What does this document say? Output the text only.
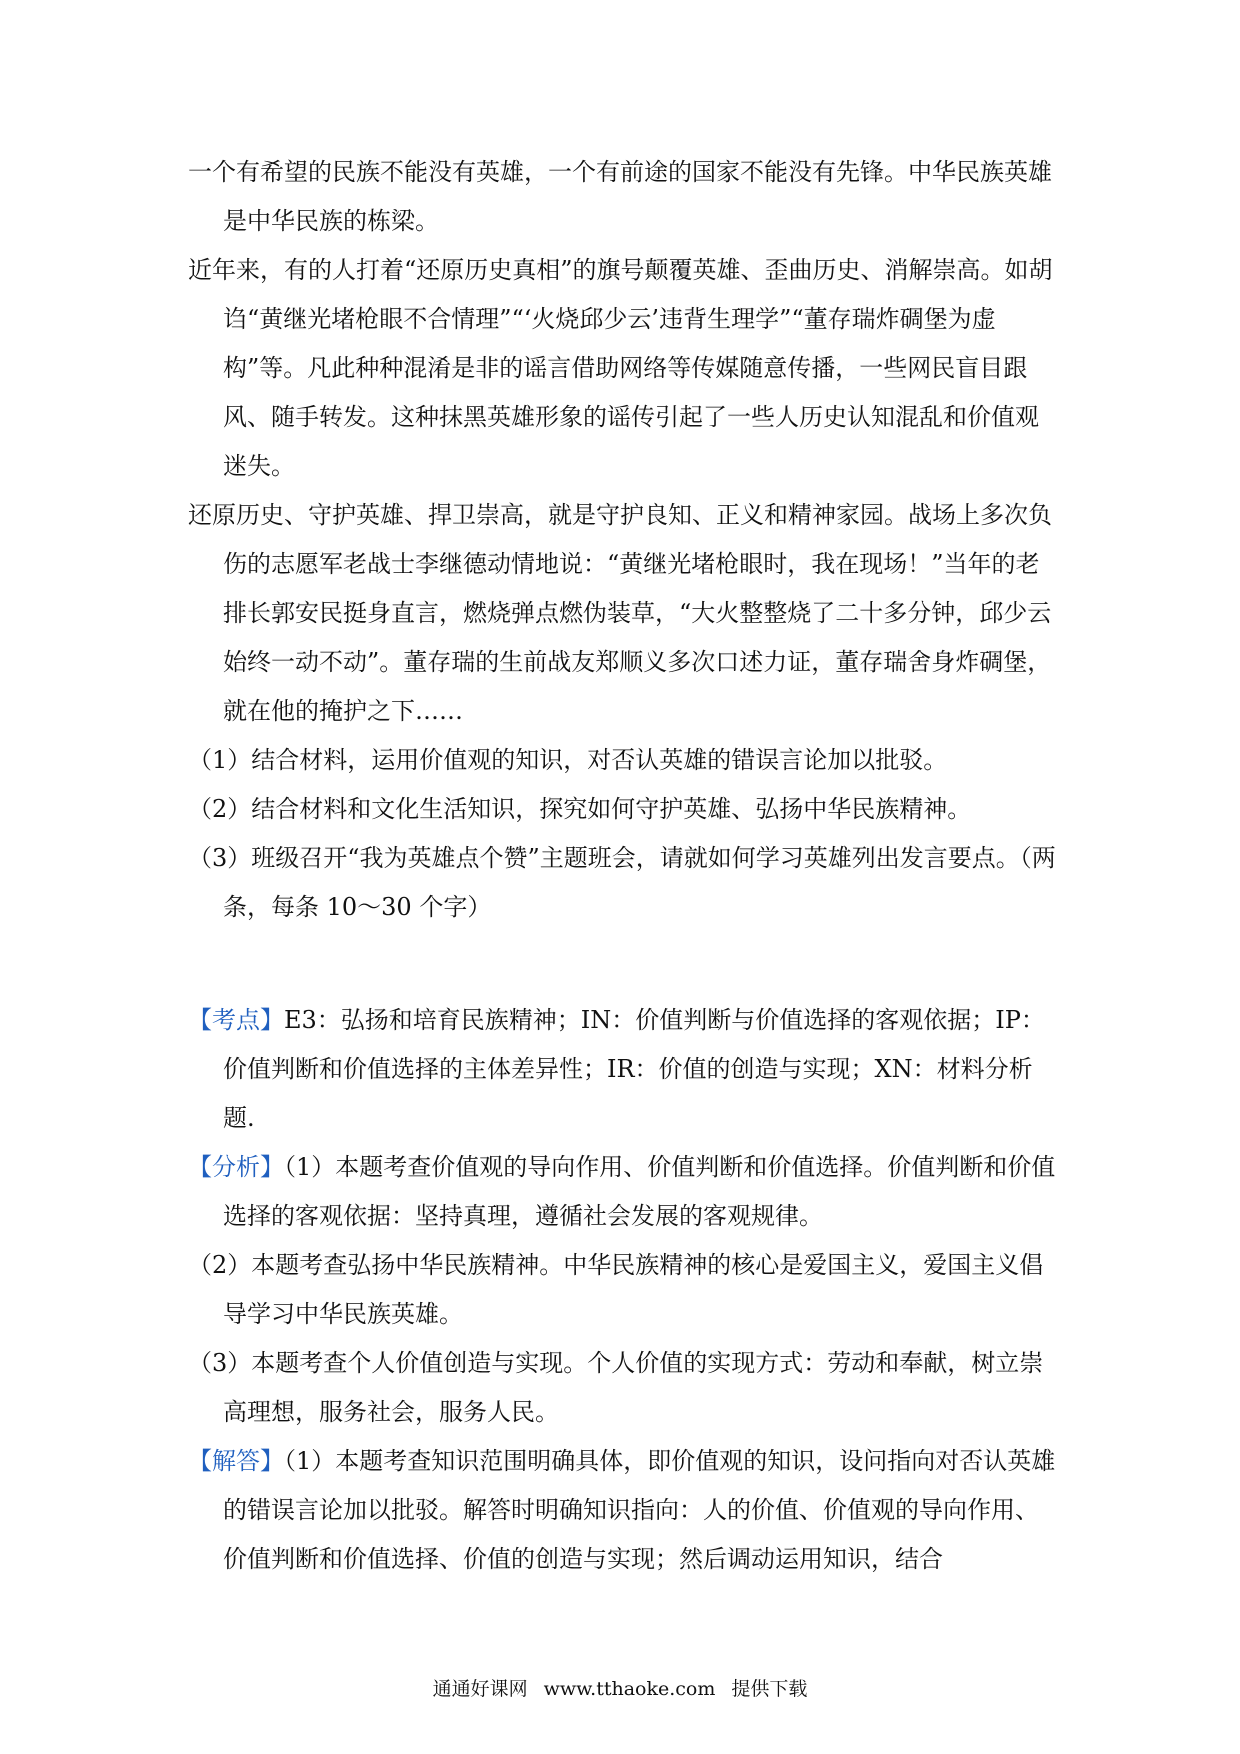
一个有希望的民族不能没有英雄，一个有前途的国家不能没有先锋。中华民族英雄是中华民族的栋梁。

近年来，有的人打着“还原历史真相”的旗号颠覆英雄、歪曲历史、消解崇高。如胡诌“黄继光堵枪眼不合情理”“‘火烧邱少云’违背生理学”“董存瑞炸碉堡为虚构”等。凡此种种混淆是非的谣言借助网络等传媒随意传播，一些网民盲目跟风、随手转发。这种抹黑英雄形象的谣传引起了一些人历史认知混乱和价值观迷失。

还原历史、守护英雄、捍卫崇高，就是守护良知、正义和精神家园。战场上多次负伤的志愿军老战士李继德动情地说：“黄继光堵枪眼时，我在现场！”当年的老排长郭安民挺身直言，燃烧弹点燃伪装草，“大火整整烧了二十多分钟，邱少云始终一动不动”。董存瑞的生前战友郑顺义多次口述力证，董存瑞舍身炸碉堡，就在他的掩护之下……

（1）结合材料，运用价值观的知识，对否认英雄的错误言论加以批驳。

（2）结合材料和文化生活知识，探究如何守护英雄、弘扬中华民族精神。

（3）班级召开“我为英雄点个赞”主题班会，请就如何学习英雄列出发言要点。（两条，每条 10～30 个字）

【考点】E3：弘扬和培育民族精神；IN：价值判断与价值选择的客观依据；IP：价值判断和价值选择的主体差异性；IR：价值的创造与实现；XN：材料分析题.

【分析】（1）本题考查价值观的导向作用、价值判断和价值选择。价值判断和价值选择的客观依据：坚持真理，遵循社会发展的客观规律。

（2）本题考查弘扬中华民族精神。中华民族精神的核心是爱国主义，爱国主义倡导学习中华民族英雄。

（3）本题考查个人价值创造与实现。个人价值的实现方式：劳动和奉献，树立崇高理想，服务社会，服务人民。

【解答】（1）本题考查知识范围明确具体，即价值观的知识，设问指向对否认英雄的错误言论加以批驳。解答时明确知识指向：人的价值、价值观的导向作用、价值判断和价值选择、价值的创造与实现；然后调动运用知识，结合

通通好课网 www.tthaoke.com 提供下载
